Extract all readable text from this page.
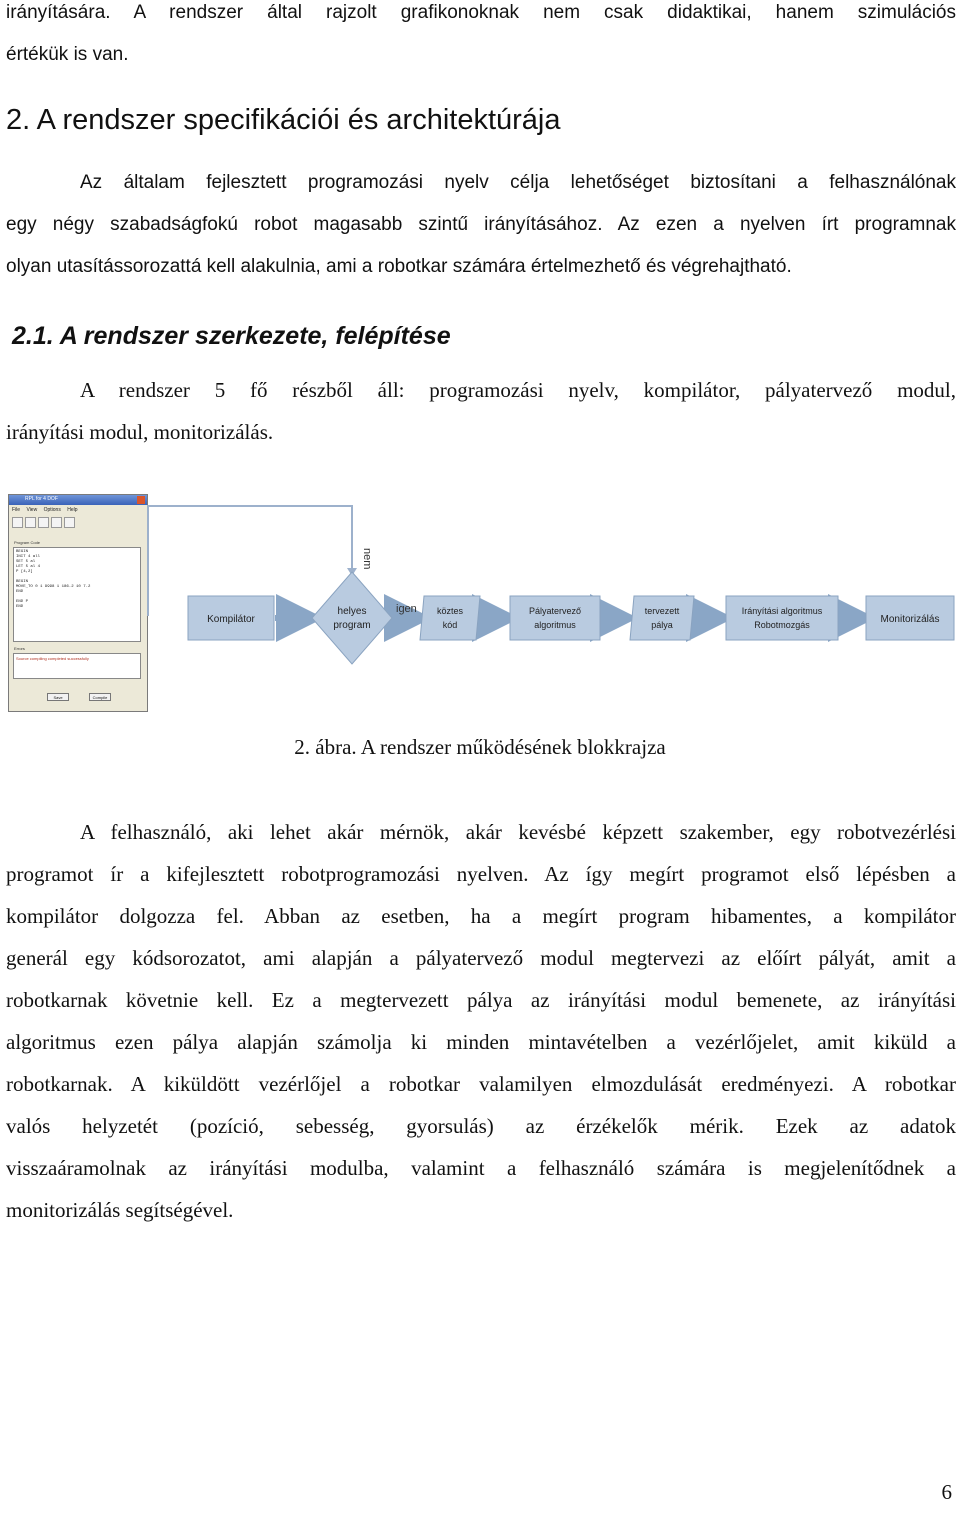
irányítására. A rendszer által rajzolt grafikonoknak nem csak didaktikai, hanem szimulációs
értékük is van.
2. A rendszer specifikációi és architektúrája
Az általam fejlesztett programozási nyelv célja lehetőséget biztosítani a felhasználónak
egy négy szabadságfokú robot magasabb szintű irányításához. Az ezen a nyelven írt programnak
olyan utasítássorozattá kell alakulnia, ami a robotkar számára értelmezhető és végrehajtható.
2.1. A rendszer szerkezete, felépítése
A rendszer 5 fő részből áll: programozási nyelv, kompilátor, pályatervező modul,
irányítási modul, monitorizálás.
RPL for 4 DOF
File View Options Help
Program Code
BEGIN
INIT 4 all
SET 5 al
LET 5 al 4
P [4,2]

BEGIN
MOVE_TO 0 1 9998 1 186.2 10 7.2
END

END P
END
Errors
Source compiling completed successfully
Save	Compile
nem
igen
Kompilátor
helyes
program
köztes
kód
Pályatervező
algoritmus
tervezett
pálya
Irányítási algoritmus
Robotmozgás	Monitorizálás
2. ábra. A rendszer működésének blokkrajza
A felhasználó, aki lehet akár mérnök, akár kevésbé képzett szakember, egy robotvezérlési
programot ír a kifejlesztett robotprogramozási nyelven. Az így megírt programot első lépésben a
kompilátor dolgozza fel. Abban az esetben, ha a megírt program hibamentes, a kompilátor
generál egy kódsorozatot, ami alapján a pályatervező modul megtervezi az előírt pályát, amit a
robotkarnak követnie kell. Ez a megtervezett pálya az irányítási modul bemenete, az irányítási
algoritmus ezen pálya alapján számolja ki minden mintavételben a vezérlőjelet, amit kiküld a
robotkarnak. A kiküldött vezérlőjel a robotkar valamilyen elmozdulását eredményezi. A robotkar
valós helyzetét (pozíció, sebesség, gyorsulás) az érzékelők mérik. Ezek az adatok
visszaáramolnak az irányítási modulba, valamint a felhasználó számára is megjelenítődnek a
monitorizálás segítségével.
6
